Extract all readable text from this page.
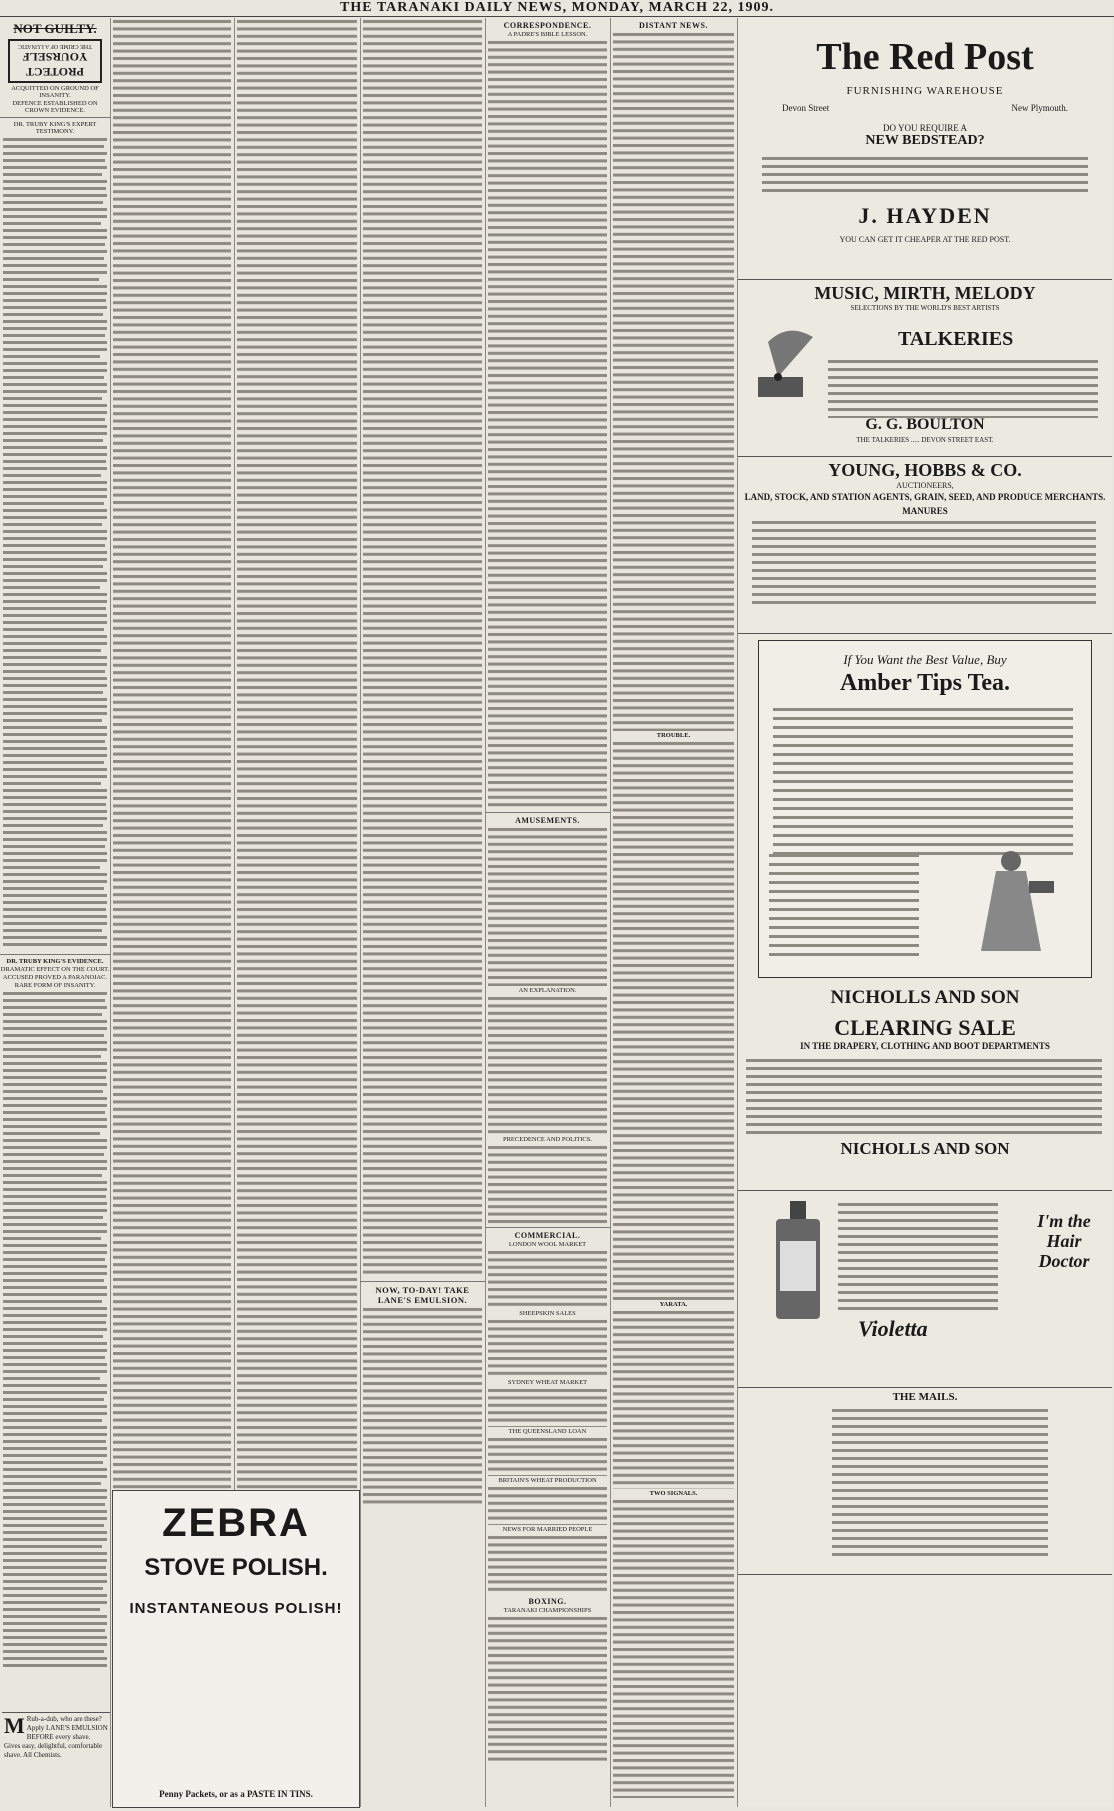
THE TARANAKI DAILY NEWS, MONDAY, MARCH 22, 1909.
NOT GUILTY.
PROTECT
YOURSELF
THE CRIME OF A LUNATIC
ACQUITTED ON GROUND OF INSANITY.
DEFENCE ESTABLISHED ON CROWN EVIDENCE.
DR. TRUBY KING'S EXPERT TESTIMONY.
DR. TRUBY KING'S EVIDENCE.
DRAMATIC EFFECT ON THE COURT.
ACCUSED PROVED A PARANOIAC.
RARE FORM OF INSANITY.
M Rub-a-dub, who are these? Apply LANE'S EMULSION BEFORE every shave. Gives easy, delightful, comfortable shave. All Chemists.
NOW, TO-DAY! TAKE LANE'S EMULSION.
ZEBRA
STOVE POLISH.
INSTANTANEOUS POLISH!
Penny Packets, or as a PASTE IN TINS.
CORRESPONDENCE.
A PADRE'S BIBLE LESSON.
AMUSEMENTS.
AN EXPLANATION.
PRECEDENCE AND POLITICS.
COMMERCIAL.
LONDON WOOL MARKET
SHEEPSKIN SALES
SYDNEY WHEAT MARKET
THE QUEENSLAND LOAN
BRITAIN'S WHEAT PRODUCTION
NEWS FOR MARRIED PEOPLE
BOXING.
TARANAKI CHAMPIONSHIPS
DISTANT NEWS.
TROUBLE.
YARATA.
TWO SIGNALS.
The Red Post
FURNISHING WAREHOUSE
Devon Street	New Plymouth.
DO YOU REQUIRE A
NEW BEDSTEAD?
J. HAYDEN
YOU CAN GET IT CHEAPER AT THE RED POST.
MUSIC, MIRTH, MELODY
SELECTIONS BY THE WORLD'S BEST ARTISTS
TALKERIES
G. G. BOULTON
THE TALKERIES ..... DEVON STREET EAST.
YOUNG, HOBBS & CO.
AUCTIONEERS,
LAND, STOCK, AND STATION AGENTS, GRAIN, SEED, AND PRODUCE MERCHANTS.
MANURES
If You Want the Best Value, Buy
Amber Tips Tea.
NICHOLLS AND SON
CLEARING SALE
IN THE DRAPERY, CLOTHING AND BOOT DEPARTMENTS
NICHOLLS AND SON
Violetta
I'm the Hair Doctor
THE MAILS.
